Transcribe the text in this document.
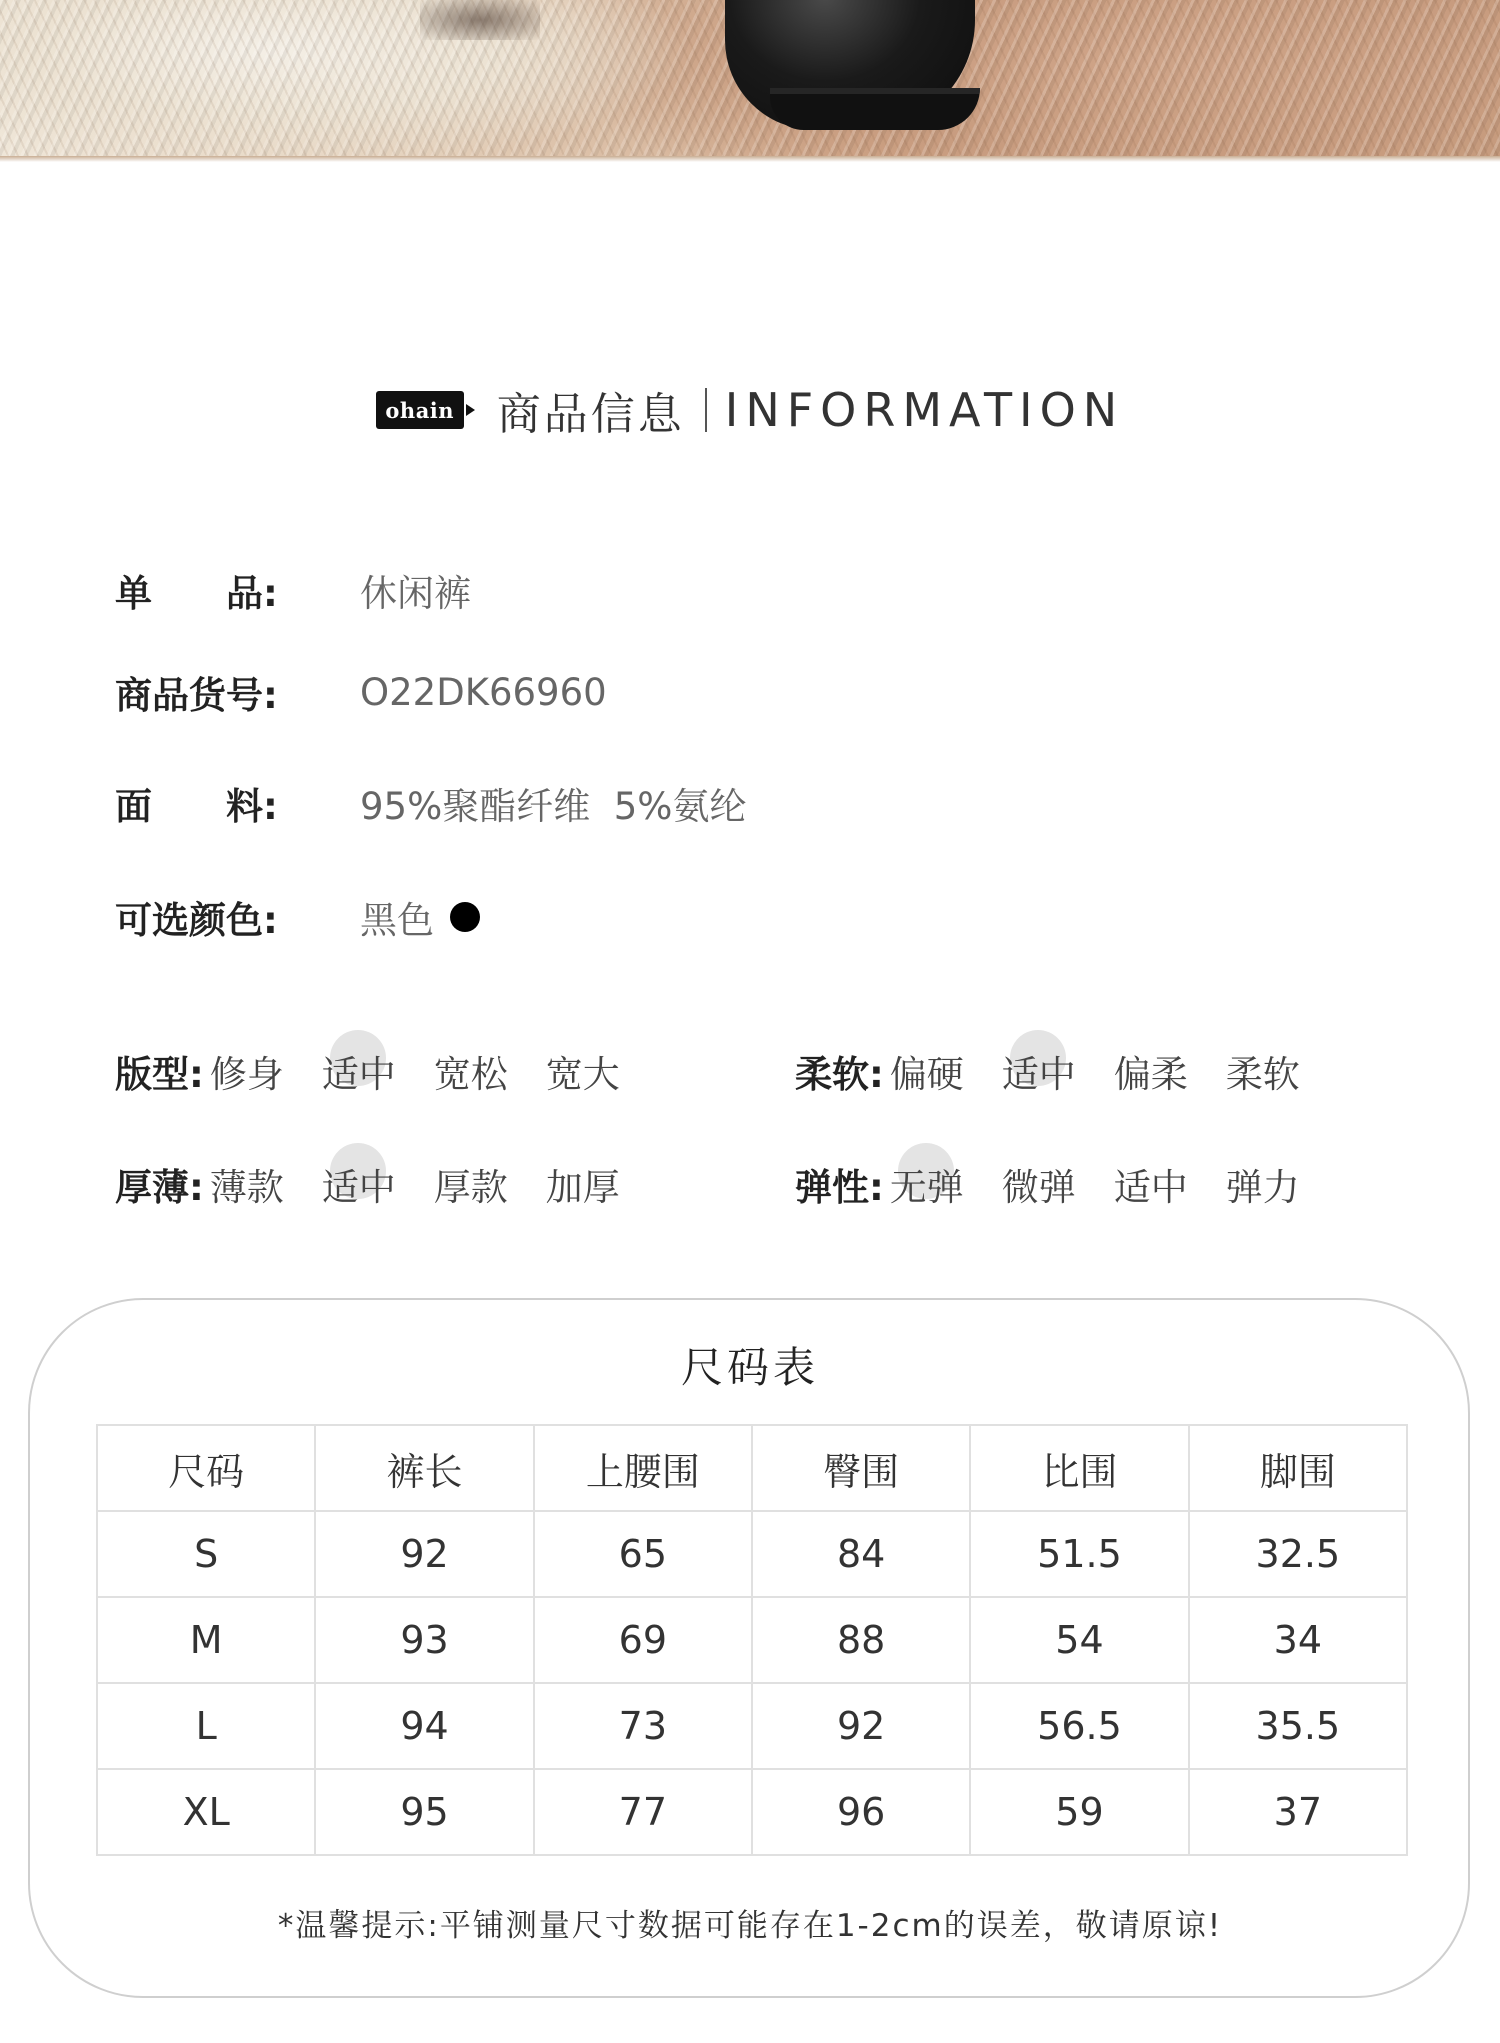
ohain 商品信息 INFORMATION
单　　品:	休闲裤
商品货号:	O22DK66960
面　　料:	95%聚酯纤维  5%氨纶
可选颜色:	黑色
版型: 修身	适中	宽松	宽大	柔软: 偏硬	适中	偏柔	柔软
厚薄: 薄款	适中	厚款	加厚	弹性: 无弹	微弹	适中	弹力
尺码表
尺码	裤长	上腰围	臀围	比围	脚围
S	92	65	84	51.5	32.5
M	93	69	88	54	34
L	94	73	92	56.5	35.5
XL	95	77	96	59	37
*温馨提示:平铺测量尺寸数据可能存在1-2cm的误差，敬请原谅!
